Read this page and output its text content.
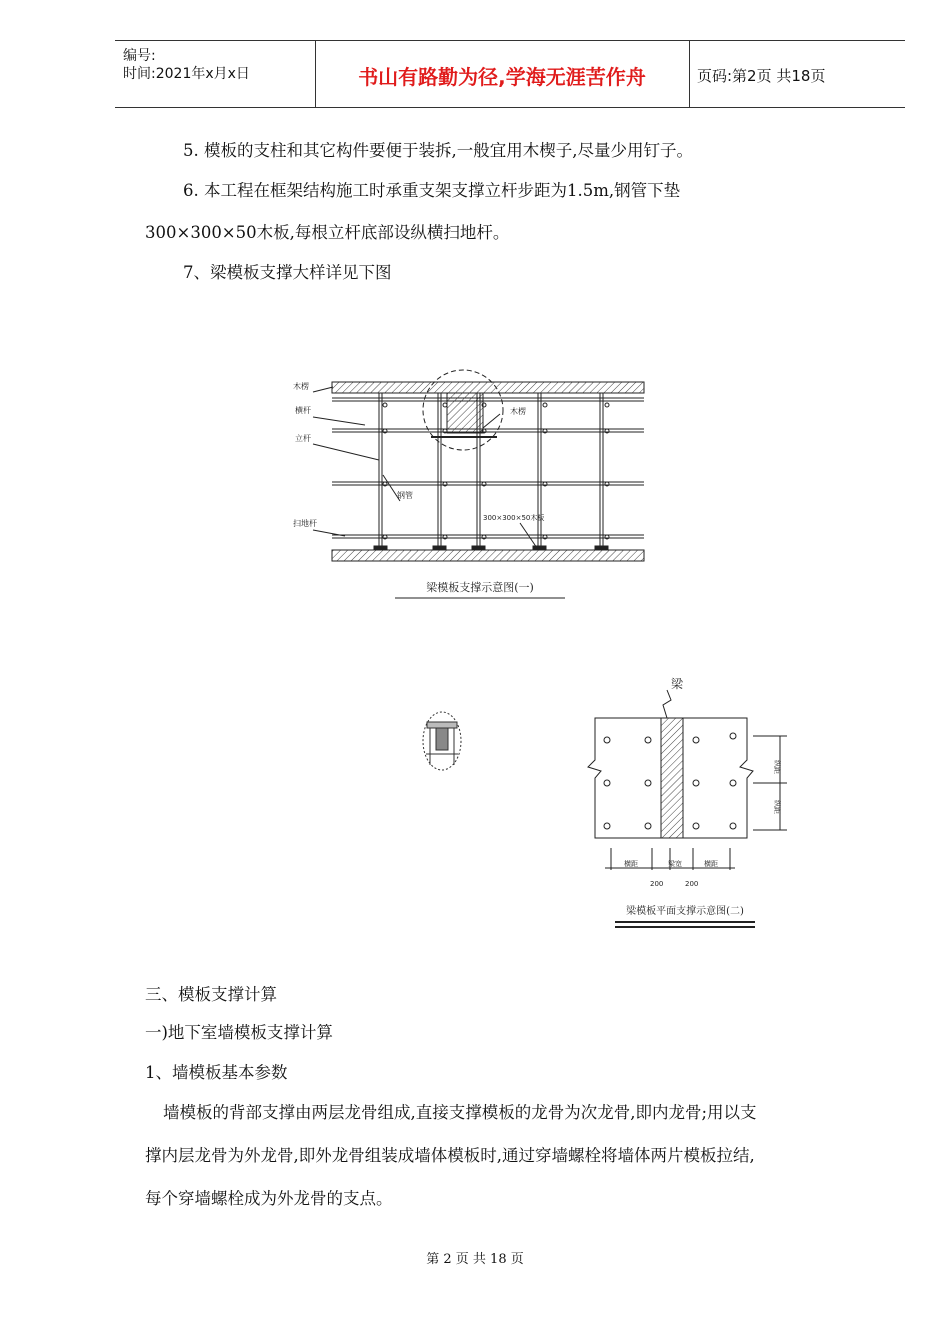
编号:
时间:2021年x月x日	书山有路勤为径,学海无涯苦作舟	页码:第2页 共18页
5. 模板的支柱和其它构件要便于装拆,一般宜用木楔子,尽量少用钉子。
6. 本工程在框架结构施工时承重支架支撑立杆步距为1.5m,钢管下垫
300×300×50木板,每根立杆底部设纵横扫地杆。
7、梁模板支撑大样详见下图
木楞
横杆
立杆
扫地杆
钢管
木楞
300×300×50木板
梁模板支撑示意图(一)
梁
纵距
纵距
横距	梁宽	横距
200	200
梁模板平面支撑示意图(二)
三、模板支撑计算
一)地下室墙模板支撑计算
1、墙模板基本参数
墙模板的背部支撑由两层龙骨组成,直接支撑模板的龙骨为次龙骨,即内龙骨;用以支
撑内层龙骨为外龙骨,即外龙骨组装成墙体模板时,通过穿墙螺栓将墙体两片模板拉结,
每个穿墙螺栓成为外龙骨的支点。
第 2 页 共 18 页
